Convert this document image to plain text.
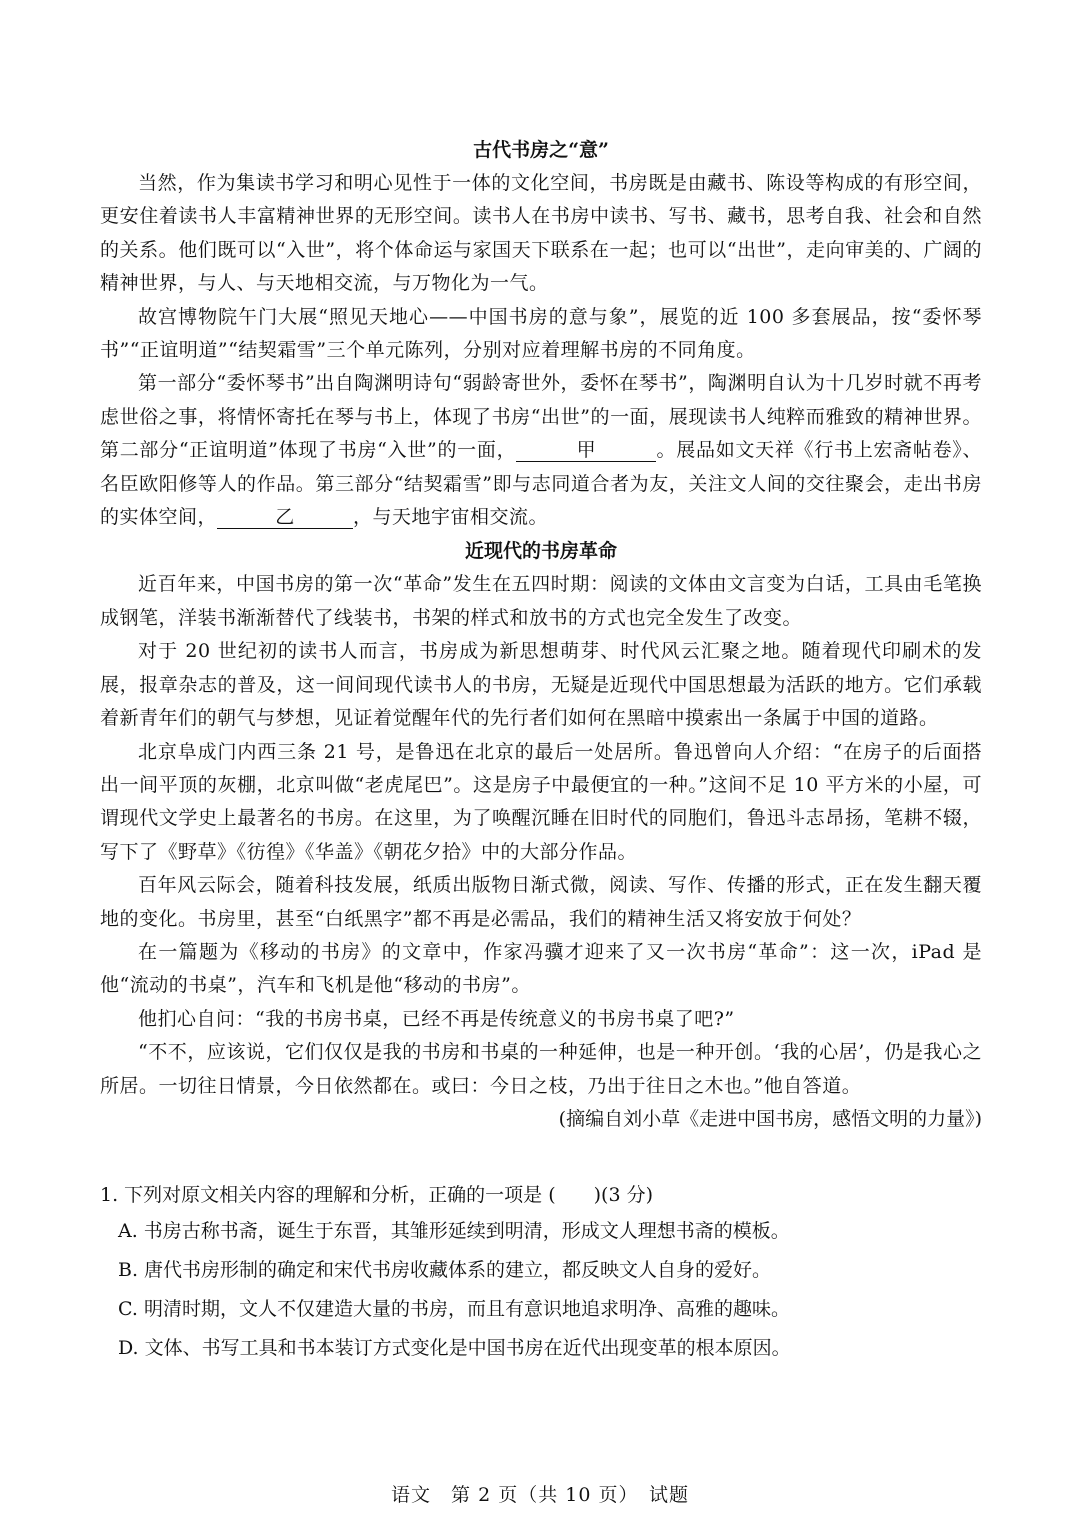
古代书房之“意”

当然，作为集读书学习和明心见性于一体的文化空间，书房既是由藏书、陈设等构成的有形空间，更安住着读书人丰富精神世界的无形空间。读书人在书房中读书、写书、藏书，思考自我、社会和自然的关系。他们既可以“入世”，将个体命运与家国天下联系在一起；也可以“出世”，走向审美的、广阔的精神世界，与人、与天地相交流，与万物化为一气。

故宫博物院午门大展“照见天地心——中国书房的意与象”，展览的近 100 多套展品，按“委怀琴书”“正谊明道”“结契霜雪”三个单元陈列，分别对应着理解书房的不同角度。

第一部分“委怀琴书”出自陶渊明诗句“弱龄寄世外，委怀在琴书”，陶渊明自认为十几岁时就不再考虑世俗之事，将情怀寄托在琴与书上，体现了书房“出世”的一面，展现读书人纯粹而雅致的精神世界。第二部分“正谊明道”体现了书房“入世”的一面，	甲	。展品如文天祥《行书上宏斋帖卷》、名臣欧阳修等人的作品。第三部分“结契霜雪”即与志同道合者为友，关注文人间的交往聚会，走出书房的实体空间，	乙	，与天地宇宙相交流。

近现代的书房革命

近百年来，中国书房的第一次“革命”发生在五四时期：阅读的文体由文言变为白话，工具由毛笔换成钢笔，洋装书渐渐替代了线装书，书架的样式和放书的方式也完全发生了改变。

对于 20 世纪初的读书人而言，书房成为新思想萌芽、时代风云汇聚之地。随着现代印刷术的发展，报章杂志的普及，这一间间现代读书人的书房，无疑是近现代中国思想最为活跃的地方。它们承载着新青年们的朝气与梦想，见证着觉醒年代的先行者们如何在黑暗中摸索出一条属于中国的道路。

北京阜成门内西三条 21 号，是鲁迅在北京的最后一处居所。鲁迅曾向人介绍：“在房子的后面搭出一间平顶的灰棚，北京叫做“老虎尾巴”。这是房子中最便宜的一种。”这间不足 10 平方米的小屋，可谓现代文学史上最著名的书房。在这里，为了唤醒沉睡在旧时代的同胞们，鲁迅斗志昂扬，笔耕不辍，写下了《野草》《彷徨》《华盖》《朝花夕拾》中的大部分作品。

百年风云际会，随着科技发展，纸质出版物日渐式微，阅读、写作、传播的形式，正在发生翻天覆地的变化。书房里，甚至“白纸黑字”都不再是必需品，我们的精神生活又将安放于何处？

在一篇题为《移动的书房》的文章中，作家冯骥才迎来了又一次书房“革命”：这一次，iPad 是他“流动的书桌”，汽车和飞机是他“移动的书房”。

他扪心自问：“我的书房书桌，已经不再是传统意义的书房书桌了吧?”

“不不，应该说，它们仅仅是我的书房和书桌的一种延伸，也是一种开创。‘我的心居’，仍是我心之所居。一切往日情景，今日依然都在。或曰：今日之枝，乃出于往日之木也。”他自答道。

(摘编自刘小草《走进中国书房，感悟文明的力量》)

1. 下列对原文相关内容的理解和分析，正确的一项是 (　　)(3 分)

A. 书房古称书斋，诞生于东晋，其雏形延续到明清，形成文人理想书斋的模板。

B. 唐代书房形制的确定和宋代书房收藏体系的建立，都反映文人自身的爱好。

C. 明清时期，文人不仅建造大量的书房，而且有意识地追求明净、高雅的趣味。

D. 文体、书写工具和书本装订方式变化是中国书房在近代出现变革的根本原因。

语文　第 2 页（共 10 页）　试题
